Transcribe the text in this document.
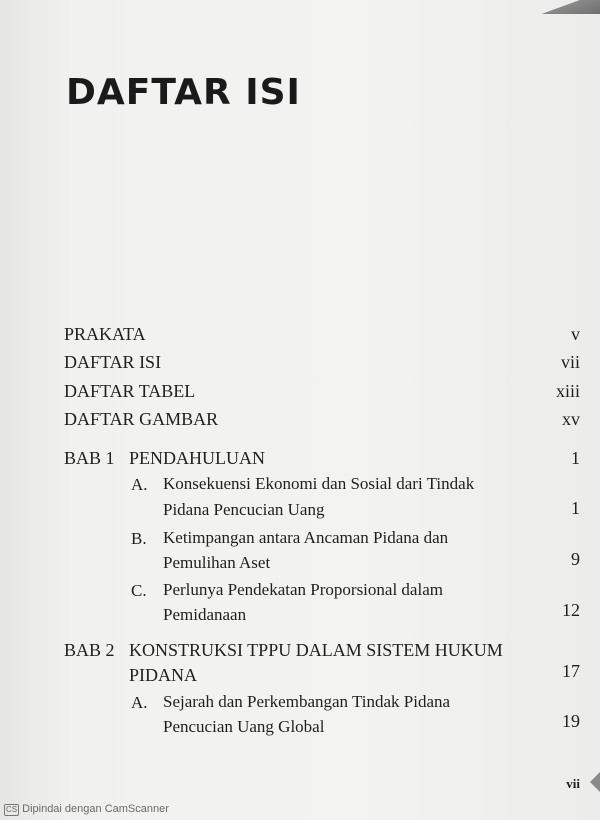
DAFTAR ISI
PRAKATA	v
DAFTAR ISI	vii
DAFTAR TABEL	xiii
DAFTAR GAMBAR	xv
BAB 1 PENDAHULUAN	1
A. Konsekuensi Ekonomi dan Sosial dari Tindak
Pidana Pencucian Uang	1
B. Ketimpangan antara Ancaman Pidana dan
Pemulihan Aset	9
C. Perlunya Pendekatan Proporsional dalam
Pemidanaan	12
BAB 2 KONSTRUKSI TPPU DALAM SISTEM HUKUM
PIDANA	17
A. Sejarah dan Perkembangan Tindak Pidana
Pencucian Uang Global	19
vii
CS Dipindai dengan CamScanner
